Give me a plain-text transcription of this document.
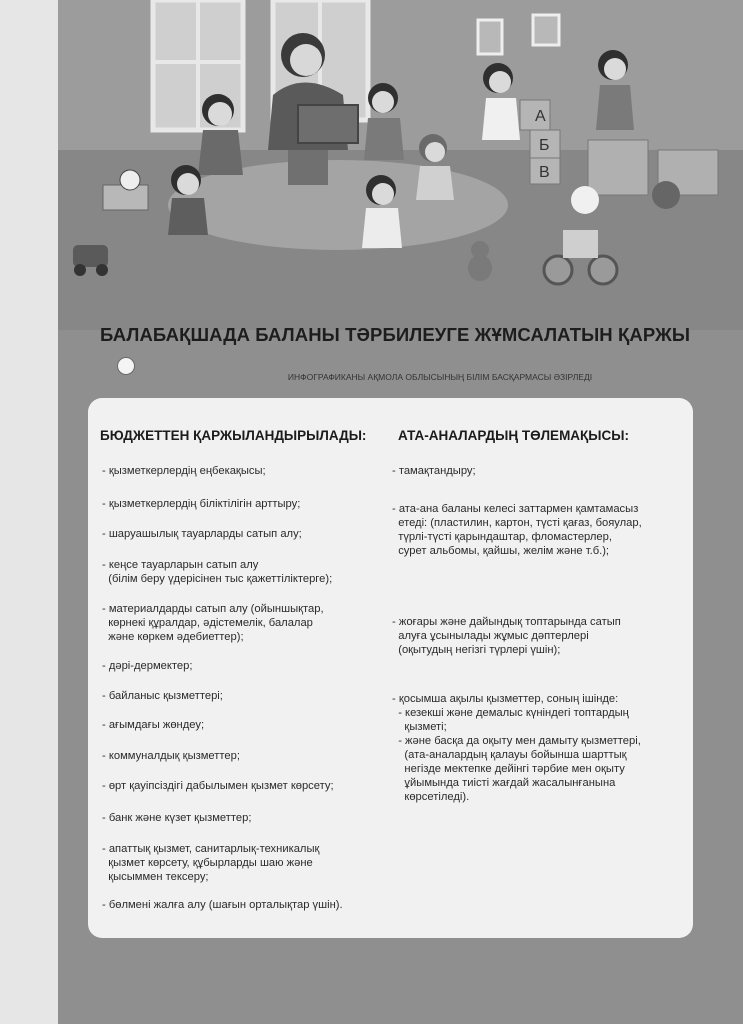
А
Б
В
БАЛАБАҚШАДА БАЛАНЫ ТӘРБИЛЕУГЕ ЖҰМСАЛАТЫН ҚАРЖЫ
ИНФОГРАФИКАНЫ АҚМОЛА ОБЛЫСЫНЫҢ БІЛІМ БАСҚАРМАСЫ ӘЗІРЛЕДІ
БЮДЖЕТТЕН ҚАРЖЫЛАНДЫРЫЛАДЫ: АТА-АНАЛАРДЫҢ ТӨЛЕМАҚЫСЫ:
- қызметкерлердің еңбекақысы;
- қызметкерлердің біліктілігін арттыру;
- шаруашылық тауарларды сатып алу;
- кеңсе тауарларын сатып алу
(білім беру үдерісінен тыс қажеттіліктерге);
- материалдарды сатып алу (ойыншықтар,
көрнекі құралдар, әдістемелік, балалар
және көркем әдебиеттер);
- дәрі-дермектер;
- байланыс қызметтері;
- ағымдағы жөндеу;
- коммуналдық қызметтер;
- өрт қауіпсіздігі дабылымен қызмет көрсету;
- банк және күзет қызметтер;
- апаттық қызмет, санитарлық-техникалық
қызмет көрсету, құбырларды шаю және
қысыммен тексеру;
- бөлмені жалға алу (шағын орталықтар үшін).
- тамақтандыру;
- ата-ана баланы келесі заттармен қамтамасыз
етеді: (пластилин, картон, түсті қағаз, бояулар,
түрлі-түсті қарындаштар, фломастерлер,
сурет альбомы, қайшы, желім және т.б.);
- жоғары және дайындық топтарында сатып
алуға ұсынылады жұмыс дәптерлері
(оқытудың негізгі түрлері үшін);
- қосымша ақылы қызметтер, соның ішінде:
- кезекші және демалыс күніндегі топтардың
қызметі;
- және басқа да оқыту мен дамыту қызметтері,
(ата-аналардың қалауы бойынша шарттық
негізде мектепке дейінгі тәрбие мен оқыту
ұйымында тиісті жағдай жасалынғанына
көрсетіледі).
